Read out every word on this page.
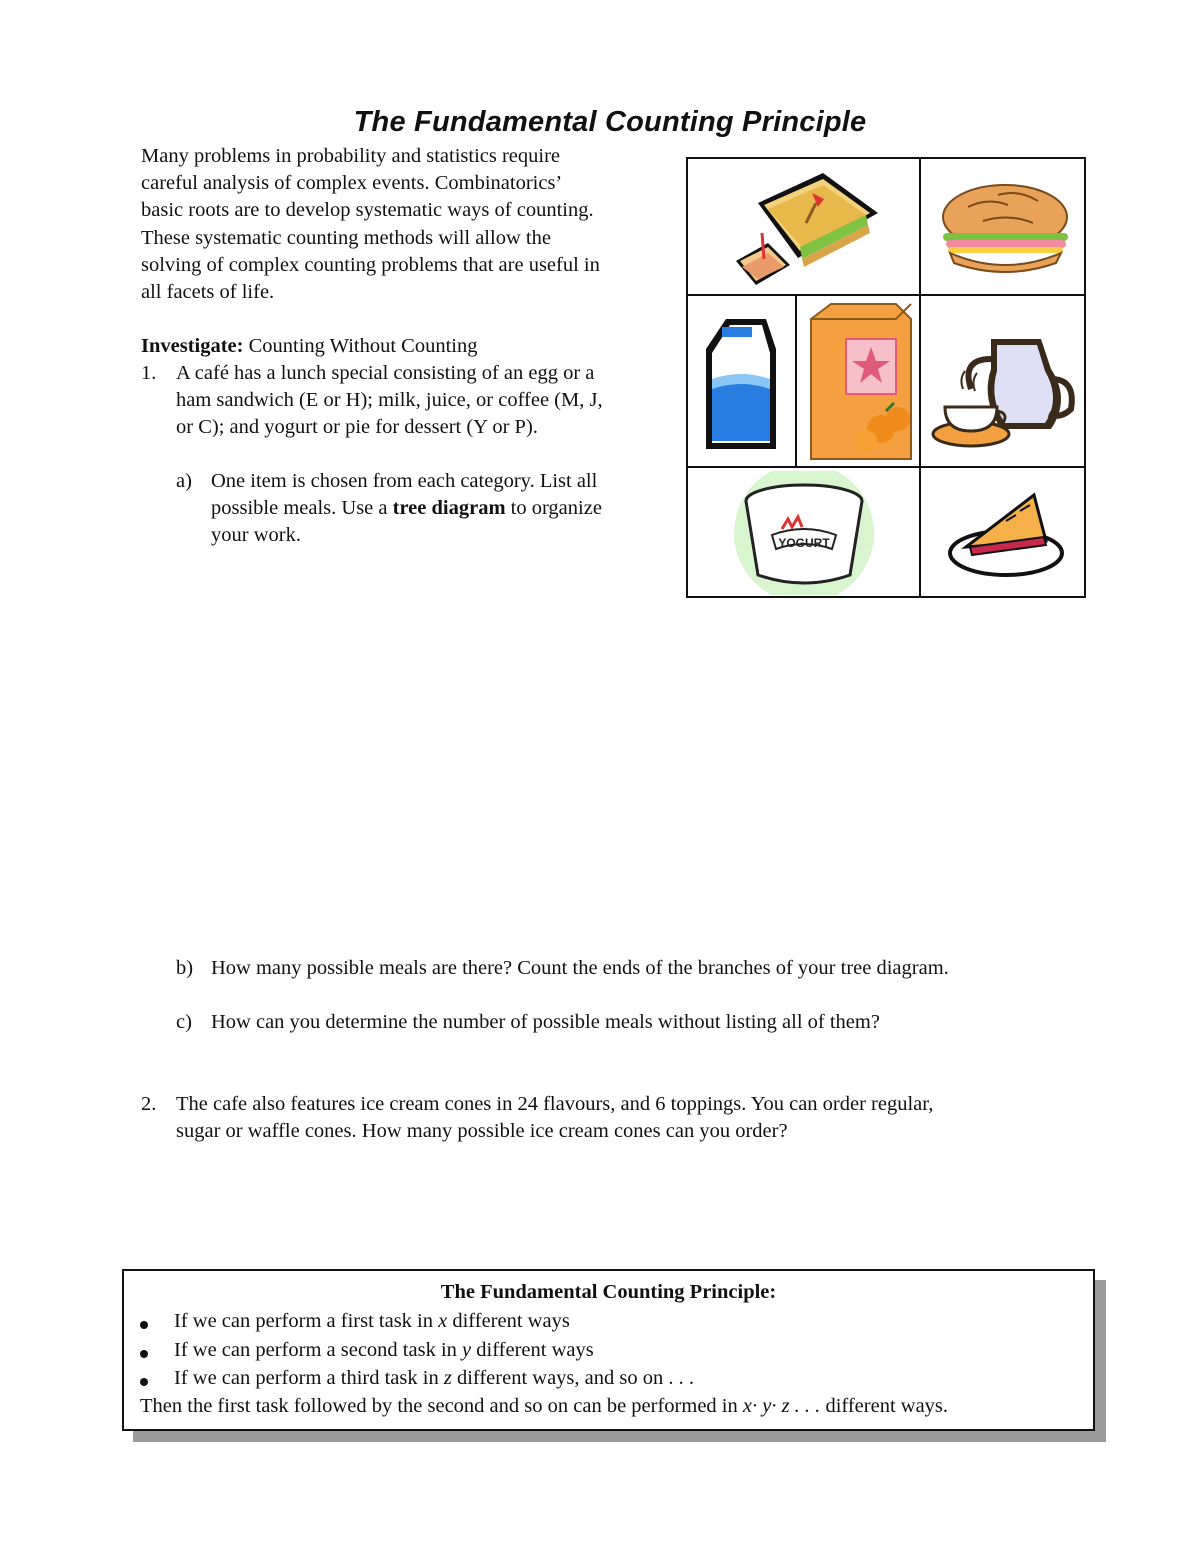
The Fundamental Counting Principle
Many problems in probability and statistics require
careful analysis of complex events. Combinatorics’
basic roots are to develop systematic ways of counting.
These systematic counting methods will allow the
solving of complex counting problems that are useful in
all facets of life.
Investigate: Counting Without Counting
1. A café has a lunch special consisting of an egg or a
ham sandwich (E or H); milk, juice, or coffee (M, J,
or C); and yogurt or pie for dessert (Y or P).
a) One item is chosen from each category. List all
possible meals. Use a tree diagram to organize
your work.	YOGURT
b) How many possible meals are there? Count the ends of the branches of your tree diagram.
c) How can you determine the number of possible meals without listing all of them?
2. The cafe also features ice cream cones in 24 flavours, and 6 toppings. You can order regular,
sugar or waffle cones. How many possible ice cream cones can you order?
The Fundamental Counting Principle:
If we can perform a first task in x different ways
If we can perform a second task in y different ways
If we can perform a third task in z different ways, and so on . . .
Then the first task followed by the second and so on can be performed in x· y· z . . . different ways.
